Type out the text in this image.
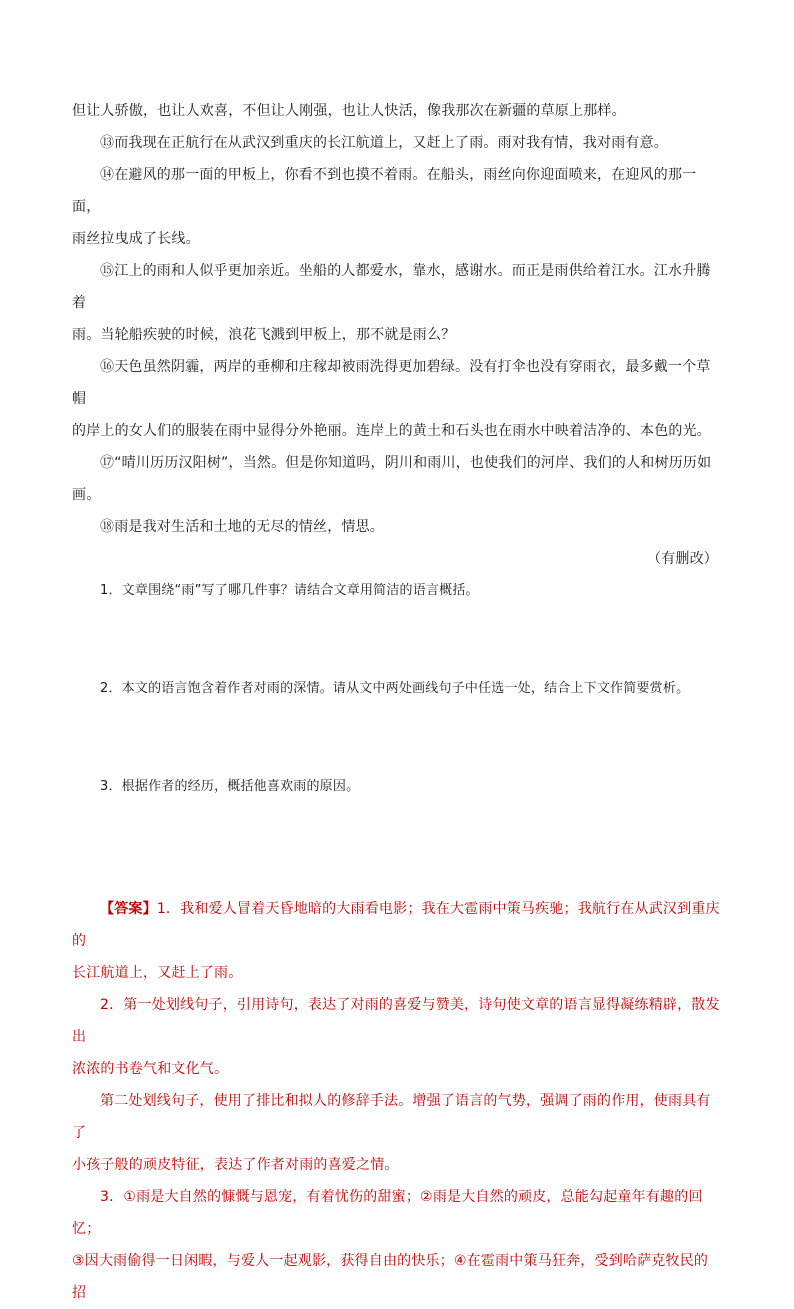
但让人骄傲，也让人欢喜，不但让人刚强，也让人快活，像我那次在新疆的草原上那样。

⑬而我现在正航行在从武汉到重庆的长江航道上，又赶上了雨。雨对我有情，我对雨有意。

⑭在避风的那一面的甲板上，你看不到也摸不着雨。在船头，雨丝向你迎面喷来，在迎风的那一面，

雨丝拉曳成了长线。

⑮江上的雨和人似乎更加亲近。坐船的人都爱水，靠水，感谢水。而正是雨供给着江水。江水升腾着

雨。当轮船疾驶的时候，浪花飞溅到甲板上，那不就是雨么？

⑯天色虽然阴霾，两岸的垂柳和庄稼却被雨洗得更加碧绿。没有打伞也没有穿雨衣，最多戴一个草帽

的岸上的女人们的服装在雨中显得分外艳丽。连岸上的黄土和石头也在雨水中映着洁净的、本色的光。

⑰“晴川历历汉阳树”，当然。但是你知道吗，阴川和雨川，也使我们的河岸、我们的人和树历历如画。

⑱雨是我对生活和土地的无尽的情丝，情思。

（有删改）

1．文章围绕“雨”写了哪几件事？请结合文章用简洁的语言概括。

2．本文的语言饱含着作者对雨的深情。请从文中两处画线句子中任选一处，结合上下文作简要赏析。

3．根据作者的经历，概括他喜欢雨的原因。

【答案】1．我和爱人冒着天昏地暗的大雨看电影；我在大雹雨中策马疾驰；我航行在从武汉到重庆的

长江航道上，又赶上了雨。

2．第一处划线句子，引用诗句，表达了对雨的喜爱与赞美，诗句使文章的语言显得凝练精辟，散发出

浓浓的书卷气和文化气。

第二处划线句子，使用了排比和拟人的修辞手法。增强了语言的气势，强调了雨的作用，使雨具有了

小孩子般的顽皮特征，表达了作者对雨的喜爱之情。

3．①雨是大自然的慷慨与恩宠，有着忧伤的甜蜜；②雨是大自然的顽皮，总能勾起童年有趣的回忆；

③因大雨偷得一日闲暇，与爱人一起观影，获得自由的快乐；④在雹雨中策马狂奔，受到哈萨克牧民的招
